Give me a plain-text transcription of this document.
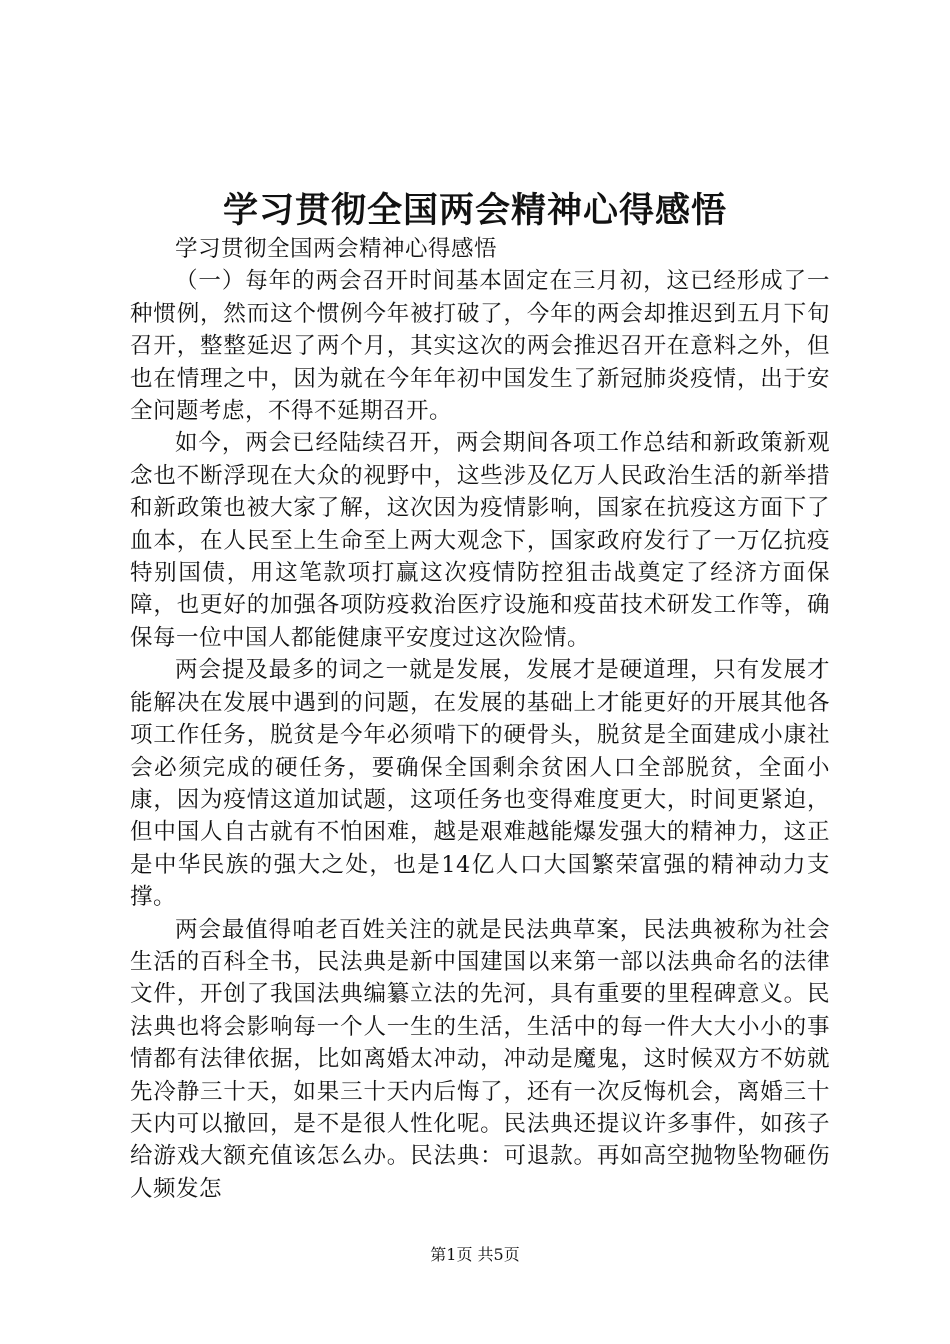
学习贯彻全国两会精神心得感悟

学习贯彻全国两会精神心得感悟

（一）每年的两会召开时间基本固定在三月初，这已经形成了一种惯例，然而这个惯例今年被打破了，今年的两会却推迟到五月下旬召开，整整延迟了两个月，其实这次的两会推迟召开在意料之外，但也在情理之中，因为就在今年年初中国发生了新冠肺炎疫情，出于安全问题考虑，不得不延期召开。

如今，两会已经陆续召开，两会期间各项工作总结和新政策新观念也不断浮现在大众的视野中，这些涉及亿万人民政治生活的新举措和新政策也被大家了解，这次因为疫情影响，国家在抗疫这方面下了血本，在人民至上生命至上两大观念下，国家政府发行了一万亿抗疫特别国债，用这笔款项打赢这次疫情防控狙击战奠定了经济方面保障，也更好的加强各项防疫救治医疗设施和疫苗技术研发工作等，确保每一位中国人都能健康平安度过这次险情。

两会提及最多的词之一就是发展，发展才是硬道理，只有发展才能解决在发展中遇到的问题，在发展的基础上才能更好的开展其他各项工作任务，脱贫是今年必须啃下的硬骨头，脱贫是全面建成小康社会必须完成的硬任务，要确保全国剩余贫困人口全部脱贫，全面小康，因为疫情这道加试题，这项任务也变得难度更大，时间更紧迫，但中国人自古就有不怕困难，越是艰难越能爆发强大的精神力，这正是中华民族的强大之处，也是14亿人口大国繁荣富强的精神动力支撑。

两会最值得咱老百姓关注的就是民法典草案，民法典被称为社会生活的百科全书，民法典是新中国建国以来第一部以法典命名的法律文件，开创了我国法典编纂立法的先河，具有重要的里程碑意义。民法典也将会影响每一个人一生的生活，生活中的每一件大大小小的事情都有法律依据，比如离婚太冲动，冲动是魔鬼，这时候双方不妨就先冷静三十天，如果三十天内后悔了，还有一次反悔机会，离婚三十天内可以撤回，是不是很人性化呢。民法典还提议许多事件，如孩子给游戏大额充值该怎么办。民法典：可退款。再如高空抛物坠物砸伤人频发怎

第1页 共5页
